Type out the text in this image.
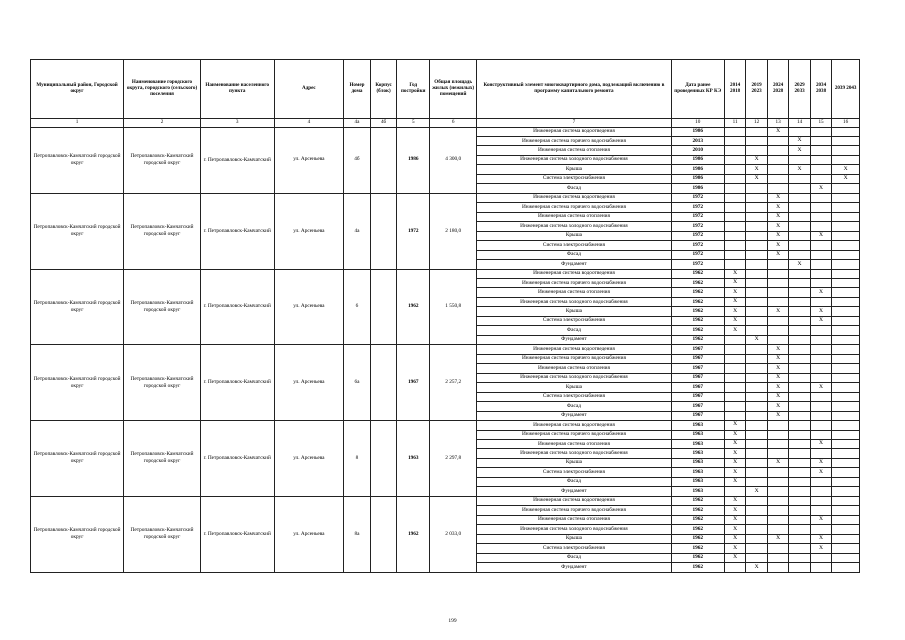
Муниципальный район, Городской округ	Наименование городского округа, городского (сельского) поселения	Наименование населенного пункта	Адрес	Номер дома	Корпус (блок)	Год постройки	Общая площадь жилых (нежилых) помещений	Конструктивный элемент многоквартирного дома, подлежащий включению в программу капитального ремонта	Дата ранее проведенных КР КЭ	2014 2018	2019 2023	2024 2028	2029 2033	2034 2038	2039 2043
1	2	3	4	4а	4б	5	6	7	10	11	12	13	14	15	16
Петропавловск-Камчатский городской округ	Петропавловск-Камчатский городской округ	г. Петропавловск-Камчатский	ул. Арсеньева	4б		1986	4 300,0	Инженерная система водоотведения	1986			X			
								Инженерная система горячего водоснабжения	2013				X		
								Инженерная система отопления	2010				X		
								Инженерная система холодного водоснабжения	1986		X				
								Крыша	1986		X		X		X
								Система электроснабжения	1986		X				X
								Фасад	1986					X	
Петропавловск-Камчатский городской округ	Петропавловск-Камчатский городской округ	г. Петропавловск-Камчатский	ул. Арсеньева	4а		1972	2 180,0	Инженерная система водоотведения	1972			X			
								Инженерная система горячего водоснабжения	1972			X			
								Инженерная система отопления	1972			X			
								Инженерная система холодного водоснабжения	1972			X			
								Крыша	1972			X		X	
								Система электроснабжения	1972			X			
								Фасад	1972			X			
								Фундамент	1972				X		
Петропавловск-Камчатский городской округ	Петропавловск-Камчатский городской округ	г. Петропавловск-Камчатский	ул. Арсеньева	6		1962	1 550,8	Инженерная система водоотведения	1962	X					
								Инженерная система горячего водоснабжения	1962	X					
								Инженерная система отопления	1962	X				X	
								Инженерная система холодного водоснабжения	1962	X					
								Крыша	1962	X		X		X	
								Система электроснабжения	1962	X				X	
								Фасад	1962	X					
								Фундамент	1962		X				
Петропавловск-Камчатский городской округ	Петропавловск-Камчатский городской округ	г. Петропавловск-Камчатский	ул. Арсеньева	6а		1967	2 257,2	Инженерная система водоотведения	1967			X			
								Инженерная система горячего водоснабжения	1967			X			
								Инженерная система отопления	1967			X			
								Инженерная система холодного водоснабжения	1967			X			
								Крыша	1967			X		X	
								Система электроснабжения	1967			X			
								Фасад	1967			X			
								Фундамент	1967			X			
Петропавловск-Камчатский городской округ	Петропавловск-Камчатский городской округ	г. Петропавловск-Камчатский	ул. Арсеньева	8		1963	2 297,8	Инженерная система водоотведения	1963	X					
								Инженерная система горячего водоснабжения	1963	X					
								Инженерная система отопления	1963	X				X	
								Инженерная система холодного водоснабжения	1963	X					
								Крыша	1963	X		X		X	
								Система электроснабжения	1963	X				X	
								Фасад	1963	X					
								Фундамент	1963		X				
Петропавловск-Камчатский городской округ	Петропавловск-Камчатский городской округ	г. Петропавловск-Камчатский	ул. Арсеньева	8а		1962	2 033,0	Инженерная система водоотведения	1962	X					
								Инженерная система горячего водоснабжения	1962	X					
								Инженерная система отопления	1962	X				X	
								Инженерная система холодного водоснабжения	1962	X					
								Крыша	1962	X		X		X	
								Система электроснабжения	1962	X				X	
								Фасад	1962	X					
								Фундамент	1962		X				
199
